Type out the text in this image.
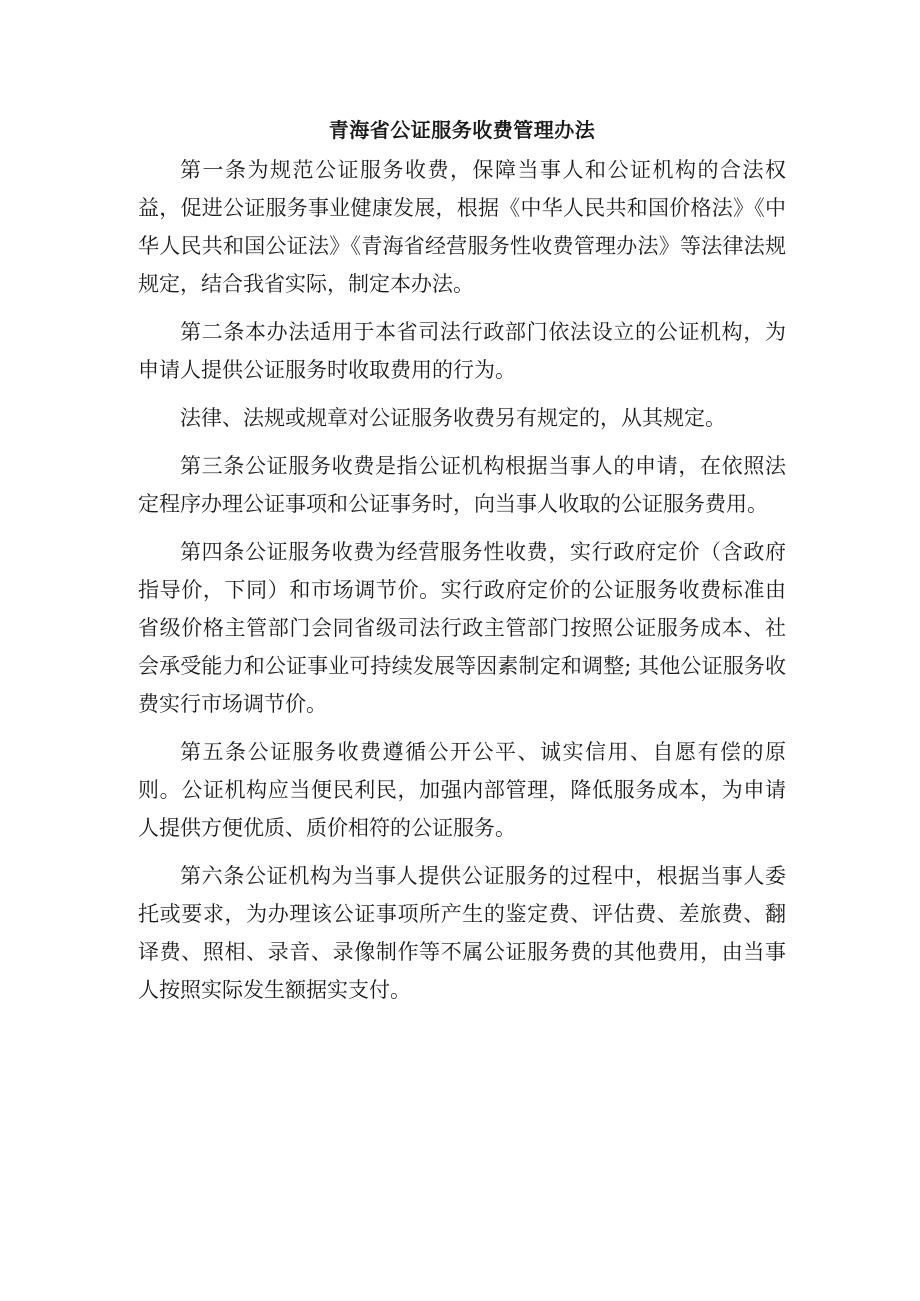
青海省公证服务收费管理办法

第一条为规范公证服务收费，保障当事人和公证机构的合法权益，促进公证服务事业健康发展，根据《中华人民共和国价格法》《中华人民共和国公证法》《青海省经营服务性收费管理办法》等法律法规规定，结合我省实际，制定本办法。

第二条本办法适用于本省司法行政部门依法设立的公证机构，为申请人提供公证服务时收取费用的行为。

法律、法规或规章对公证服务收费另有规定的，从其规定。

第三条公证服务收费是指公证机构根据当事人的申请，在依照法定程序办理公证事项和公证事务时，向当事人收取的公证服务费用。

第四条公证服务收费为经营服务性收费，实行政府定价（含政府指导价，下同）和市场调节价。实行政府定价的公证服务收费标准由省级价格主管部门会同省级司法行政主管部门按照公证服务成本、社会承受能力和公证事业可持续发展等因素制定和调整; 其他公证服务收费实行市场调节价。

第五条公证服务收费遵循公开公平、诚实信用、自愿有偿的原则。公证机构应当便民利民，加强内部管理，降低服务成本，为申请人提供方便优质、质价相符的公证服务。

第六条公证机构为当事人提供公证服务的过程中，根据当事人委托或要求，为办理该公证事项所产生的鉴定费、评估费、差旅费、翻译费、照相、录音、录像制作等不属公证服务费的其他费用，由当事人按照实际发生额据实支付。
